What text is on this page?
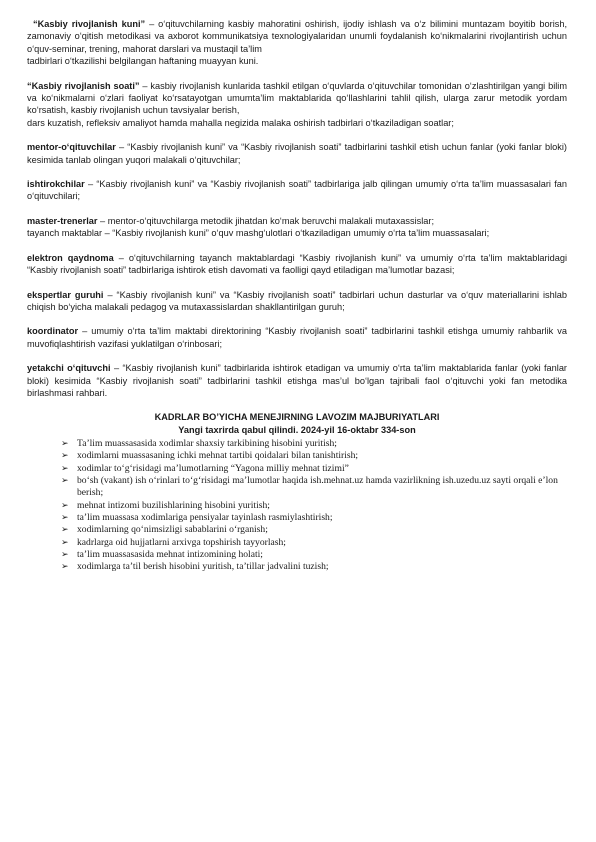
“Kasbiy rivojlanish kuni” – o‘qituvchilarning kasbiy mahoratini oshirish, ijodiy ishlash va o‘z bilimini muntazam boyitib borish, zamonaviy o‘qitish metodikasi va axborot kommunikatsiya texnologiyalaridan unumli foydalanish ko‘nikmalarini rivojlantirish uchun o‘quv-seminar, trening, mahorat darslari va mustaqil ta’lim
tadbirlari o‘tkazilishi belgilangan haftaning muayyan kuni.

“Kasbiy rivojlanish soati” – kasbiy rivojlanish kunlarida tashkil etilgan o‘quvlarda o‘qituvchilar tomonidan o‘zlashtirilgan yangi bilim va ko‘nikmalarni o‘zlari faoliyat ko‘rsatayotgan umumta’lim maktablarida qo‘llashlarini tahlil qilish, ularga zarur metodik yordam ko‘rsatish, kasbiy rivojlanish uchun tavsiyalar berish,
dars kuzatish, refleksiv amaliyot hamda mahalla negizida malaka oshirish tadbirlari o‘tkaziladigan soatlar;

mentor-o‘qituvchilar – “Kasbiy rivojlanish kuni” va “Kasbiy rivojlanish soati” tadbirlarini tashkil etish uchun fanlar (yoki fanlar bloki) kesimida tanlab olingan yuqori malakali o‘qituvchilar;

ishtirokchilar – “Kasbiy rivojlanish kuni” va “Kasbiy rivojlanish soati” tadbirlariga jalb qilingan umumiy o‘rta ta’lim muassasalari fan o‘qituvchilari;

master-trenerlar – mentor-o‘qituvchilarga metodik jihatdan ko‘mak beruvchi malakali mutaxassislar;
tayanch maktablar – “Kasbiy rivojlanish kuni” o‘quv mashg‘ulotlari o‘tkaziladigan umumiy o‘rta ta’lim muassasalari;

elektron qaydnoma – o‘qituvchilarning tayanch maktablardagi “Kasbiy rivojlanish kuni” va umumiy o‘rta ta’lim maktablaridagi “Kasbiy rivojlanish soati” tadbirlariga ishtirok etish davomati va faolligi qayd etiladigan ma’lumotlar bazasi;

ekspertlar guruhi – “Kasbiy rivojlanish kuni” va “Kasbiy rivojlanish soati” tadbirlari uchun dasturlar va o‘quv materiallarini ishlab chiqish bo‘yicha malakali pedagog va mutaxassislardan shakllantirilgan guruh;

koordinator – umumiy o‘rta ta’lim maktabi direktorining “Kasbiy rivojlanish soati” tadbirlarini tashkil etishga umumiy rahbarlik va muvofiqlashtirish vazifasi yuklatilgan o‘rinbosari;

yetakchi o‘qituvchi – “Kasbiy rivojlanish kuni” tadbirlarida ishtirok etadigan va umumiy o‘rta ta’lim maktablarida fanlar (yoki fanlar bloki) kesimida “Kasbiy rivojlanish soati” tadbirlarini tashkil etishga mas’ul bo‘lgan tajribali faol o‘qituvchi yoki fan metodika birlashmasi rahbari.

KADRLAR BO’YICHA MENEJIRNING LAVOZIM MAJBURIYATLARI
Yangi taxrirda qabul qilindi. 2024-yil 16-oktabr 334-son
➢ Ta’lim muassasasida xodimlar shaxsiy tarkibining hisobini yuritish;
➢ xodimlarni muassasaning ichki mehnat tartibi qoidalari bilan tanishtirish;
➢ xodimlar to‘g‘risidagi ma’lumotlarning “Yagona milliy mehnat tizimi”
➢ bo‘sh (vakant) ish o‘rinlari to‘g‘risidagi ma’lumotlar haqida ish.mehnat.uz hamda vazirlikning ish.uzedu.uz sayti orqali e’lon berish;
➢ mehnat intizomi buzilishlarining hisobini yuritish;
➢ ta’lim muassasa xodimlariga pensiyalar tayinlash rasmiylashtirish;
➢ xodimlarning qo‘nimsizligi sabablarini o‘rganish;
➢ kadrlarga oid hujjatlarni arxivga topshirish tayyorlash;
➢ ta’lim muassasasida mehnat intizomining holati;
➢ xodimlarga ta’til berish hisobini yuritish, ta’tillar jadvalini tuzish;
